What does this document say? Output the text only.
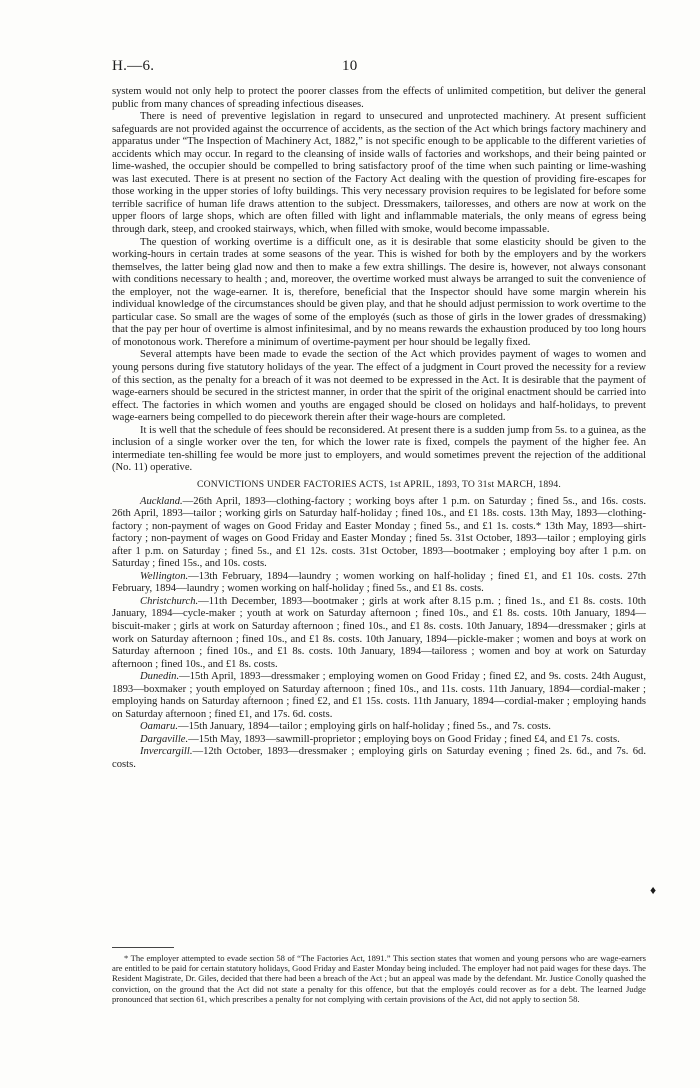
H.—6.	10

system would not only help to protect the poorer classes from the effects of unlimited competition, but deliver the general public from many chances of spreading infectious diseases.

There is need of preventive legislation in regard to unsecured and unprotected machinery. At present sufficient safeguards are not provided against the occurrence of accidents, as the section of the Act which brings factory machinery and apparatus under “The Inspection of Machinery Act, 1882,” is not specific enough to be applicable to the different varieties of accidents which may occur. In regard to the cleansing of inside walls of factories and workshops, and their being painted or lime-washed, the occupier should be compelled to bring satisfactory proof of the time when such painting or lime-washing was last executed. There is at present no section of the Factory Act dealing with the question of providing fire-escapes for those working in the upper stories of lofty buildings. This very necessary provision requires to be legislated for before some terrible sacrifice of human life draws attention to the subject. Dressmakers, tailoresses, and others are now at work on the upper floors of large shops, which are often filled with light and inflammable materials, the only means of egress being through dark, steep, and crooked stairways, which, when filled with smoke, would become impassable.

The question of working overtime is a difficult one, as it is desirable that some elasticity should be given to the working-hours in certain trades at some seasons of the year. This is wished for both by the employers and by the workers themselves, the latter being glad now and then to make a few extra shillings. The desire is, however, not always consonant with conditions necessary to health ; and, moreover, the overtime worked must always be arranged to suit the convenience of the employer, not the wage-earner. It is, therefore, beneficial that the Inspector should have some margin wherein his individual knowledge of the circumstances should be given play, and that he should adjust permission to work overtime to the particular case. So small are the wages of some of the employés (such as those of girls in the lower grades of dressmaking) that the pay per hour of overtime is almost infinitesimal, and by no means rewards the exhaustion produced by too long hours of monotonous work. Therefore a minimum of overtime-payment per hour should be legally fixed.

Several attempts have been made to evade the section of the Act which provides payment of wages to women and young persons during five statutory holidays of the year. The effect of a judgment in Court proved the necessity for a review of this section, as the penalty for a breach of it was not deemed to be expressed in the Act. It is desirable that the payment of wage-earners should be secured in the strictest manner, in order that the spirit of the original enactment should be carried into effect. The factories in which women and youths are engaged should be closed on holidays and half-holidays, to prevent wage-earners being compelled to do piecework therein after their wage-hours are completed.

It is well that the schedule of fees should be reconsidered. At present there is a sudden jump from 5s. to a guinea, as the inclusion of a single worker over the ten, for which the lower rate is fixed, compels the payment of the higher fee. An intermediate ten-shilling fee would be more just to employers, and would sometimes prevent the rejection of the additional (No. 11) operative.

CONVICTIONS UNDER FACTORIES ACTS, 1st APRIL, 1893, TO 31st MARCH, 1894.

Auckland.—26th April, 1893—clothing-factory ; working boys after 1 p.m. on Saturday ; fined 5s., and 16s. costs. 26th April, 1893—tailor ; working girls on Saturday half-holiday ; fined 10s., and £1 18s. costs. 13th May, 1893—clothing-factory ; non-payment of wages on Good Friday and Easter Monday ; fined 5s., and £1 1s. costs.* 13th May, 1893—shirt-factory ; non-payment of wages on Good Friday and Easter Monday ; fined 5s. 31st October, 1893—tailor ; employing girls after 1 p.m. on Saturday ; fined 5s., and £1 12s. costs. 31st October, 1893—bootmaker ; employing boy after 1 p.m. on Saturday ; fined 15s., and 10s. costs.

Wellington.—13th February, 1894—laundry ; women working on half-holiday ; fined £1, and £1 10s. costs. 27th February, 1894—laundry ; women working on half-holiday ; fined 5s., and £1 8s. costs.

Christchurch.—11th December, 1893—bootmaker ; girls at work after 8.15 p.m. ; fined 1s., and £1 8s. costs. 10th January, 1894—cycle-maker ; youth at work on Saturday afternoon ; fined 10s., and £1 8s. costs. 10th January, 1894—biscuit-maker ; girls at work on Saturday afternoon ; fined 10s., and £1 8s. costs. 10th January, 1894—dressmaker ; girls at work on Saturday afternoon ; fined 10s., and £1 8s. costs. 10th January, 1894—pickle-maker ; women and boys at work on Saturday afternoon ; fined 10s., and £1 8s. costs. 10th January, 1894—tailoress ; women and boy at work on Saturday afternoon ; fined 10s., and £1 8s. costs.

Dunedin.—15th April, 1893—dressmaker ; employing women on Good Friday ; fined £2, and 9s. costs. 24th August, 1893—boxmaker ; youth employed on Saturday afternoon ; fined 10s., and 11s. costs. 11th January, 1894—cordial-maker ; employing hands on Saturday afternoon ; fined £2, and £1 15s. costs. 11th January, 1894—cordial-maker ; employing hands on Saturday afternoon ; fined £1, and 17s. 6d. costs.

Oamaru.—15th January, 1894—tailor ; employing girls on half-holiday ; fined 5s., and 7s. costs.

Dargaville.—15th May, 1893—sawmill-proprietor ; employing boys on Good Friday ; fined £4, and £1 7s. costs.

Invercargill.—12th October, 1893—dressmaker ; employing girls on Saturday evening ; fined 2s. 6d., and 7s. 6d. costs.

♦

* The employer attempted to evade section 58 of “The Factories Act, 1891.” This section states that women and young persons who are wage-earners are entitled to be paid for certain statutory holidays, Good Friday and Easter Monday being included. The employer had not paid wages for these days. The Resident Magistrate, Dr. Giles, decided that there had been a breach of the Act ; but an appeal was made by the defendant. Mr. Justice Conolly quashed the conviction, on the ground that the Act did not state a penalty for this offence, but that the employés could recover as for a debt. The learned Judge pronounced that section 61, which prescribes a penalty for not complying with certain provisions of the Act, did not apply to section 58.
